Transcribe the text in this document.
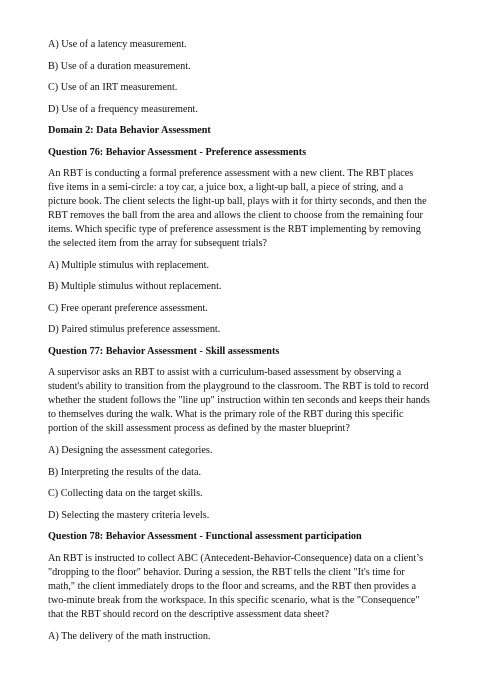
A) Use of a latency measurement.

B) Use of a duration measurement.

C) Use of an IRT measurement.

D) Use of a frequency measurement.

Domain 2: Data Behavior Assessment

Question 76: Behavior Assessment - Preference assessments

An RBT is conducting a formal preference assessment with a new client. The RBT places
five items in a semi-circle: a toy car, a juice box, a light-up ball, a piece of string, and a
picture book. The client selects the light-up ball, plays with it for thirty seconds, and then the
RBT removes the ball from the area and allows the client to choose from the remaining four
items. Which specific type of preference assessment is the RBT implementing by removing
the selected item from the array for subsequent trials?

A) Multiple stimulus with replacement.

B) Multiple stimulus without replacement.

C) Free operant preference assessment.

D) Paired stimulus preference assessment.

Question 77: Behavior Assessment - Skill assessments

A supervisor asks an RBT to assist with a curriculum-based assessment by observing a
student's ability to transition from the playground to the classroom. The RBT is told to record
whether the student follows the "line up" instruction within ten seconds and keeps their hands
to themselves during the walk. What is the primary role of the RBT during this specific
portion of the skill assessment process as defined by the master blueprint?

A) Designing the assessment categories.

B) Interpreting the results of the data.

C) Collecting data on the target skills.

D) Selecting the mastery criteria levels.

Question 78: Behavior Assessment - Functional assessment participation

An RBT is instructed to collect ABC (Antecedent-Behavior-Consequence) data on a client’s
"dropping to the floor" behavior. During a session, the RBT tells the client "It's time for
math," the client immediately drops to the floor and screams, and the RBT then provides a
two-minute break from the workspace. In this specific scenario, what is the "Consequence"
that the RBT should record on the descriptive assessment data sheet?

A) The delivery of the math instruction.
